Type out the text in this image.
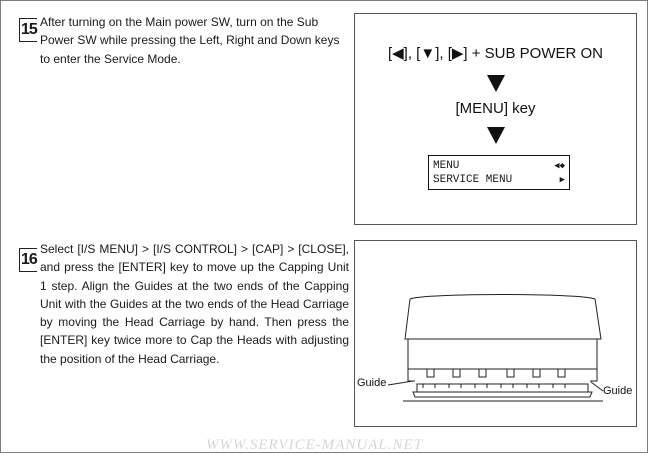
15 After turning on the Main power SW, turn on the Sub Power SW while pressing the Left, Right and Down keys to enter the Service Mode.	[◀], [▼], [▶] + SUB POWER ON
[MENU] key
MENU
SERVICE MENU
◀◆
▶
16
Select [I/S MENU] > [I/S CONTROL] > [CAP] > [CLOSE], and press the [ENTER] key to move up the Capping Unit 1 step. Align the Guides at the two ends of the Capping Unit with the Guides at the two ends of the Head Carriage by moving the Head Carriage by hand. Then press the [ENTER] key twice more to Cap the Heads with adjusting the position of the Head Carriage.
Guide
Guide
WWW.SERVICE-MANUAL.NET
